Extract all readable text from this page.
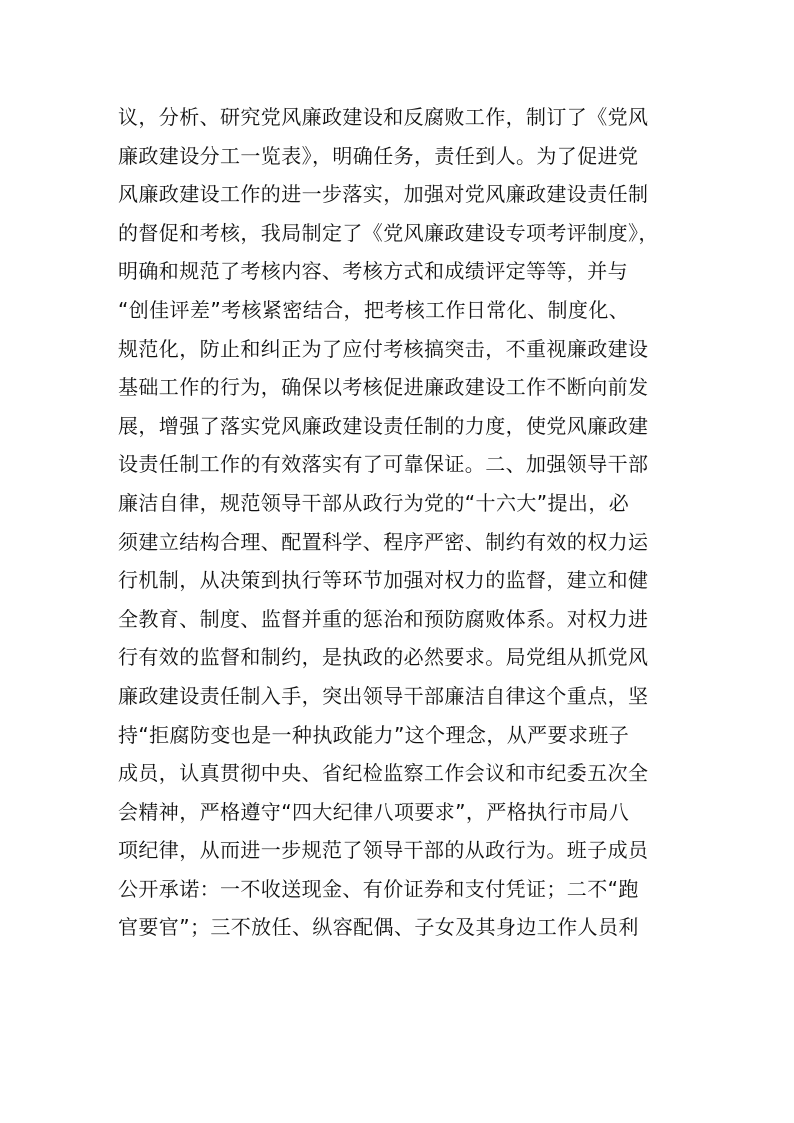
议，分析、研究党风廉政建设和反腐败工作，制订了《党风
廉政建设分工一览表》，明确任务，责任到人。为了促进党
风廉政建设工作的进一步落实，加强对党风廉政建设责任制
的督促和考核，我局制定了《党风廉政建设专项考评制度》，
明确和规范了考核内容、考核方式和成绩评定等等，并与
“创佳评差”考核紧密结合，把考核工作日常化、制度化、
规范化，防止和纠正为了应付考核搞突击，不重视廉政建设
基础工作的行为，确保以考核促进廉政建设工作不断向前发
展，增强了落实党风廉政建设责任制的力度，使党风廉政建
设责任制工作的有效落实有了可靠保证。二、加强领导干部
廉洁自律，规范领导干部从政行为党的“十六大”提出，必
须建立结构合理、配置科学、程序严密、制约有效的权力运
行机制，从决策到执行等环节加强对权力的监督，建立和健
全教育、制度、监督并重的惩治和预防腐败体系。对权力进
行有效的监督和制约，是执政的必然要求。局党组从抓党风
廉政建设责任制入手，突出领导干部廉洁自律这个重点，坚
持“拒腐防变也是一种执政能力”这个理念，从严要求班子
成员，认真贯彻中央、省纪检监察工作会议和市纪委五次全
会精神，严格遵守“四大纪律八项要求”，严格执行市局八
项纪律，从而进一步规范了领导干部的从政行为。班子成员
公开承诺：一不收送现金、有价证券和支付凭证；二不“跑
官要官”；三不放任、纵容配偶、子女及其身边工作人员利
